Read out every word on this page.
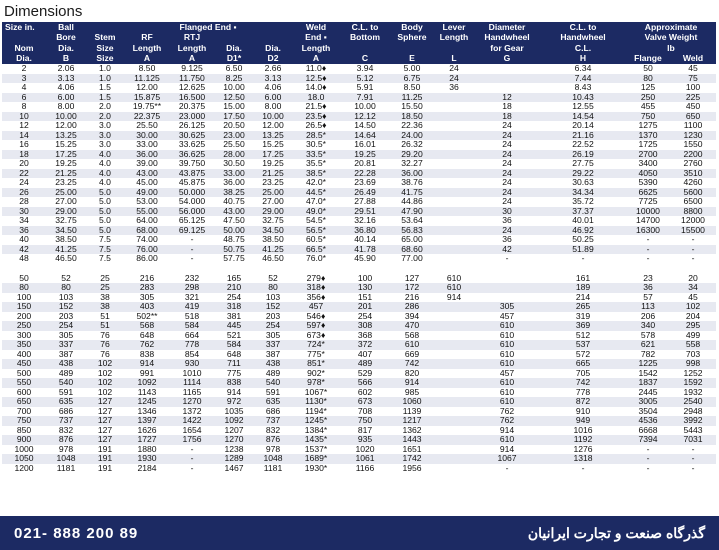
Dimensions
Size in.	Ball		Flanged End ▪				Weld	C.L. to	Body	Lever	Diameter	C.L. to	Approximate	
	Bore	Stem	RF	RTJ			End ▪	Bottom	Sphere	Length	Handwheel	Handwheel	Valve Weight	
Nom	Dia.	Size	Length	Length	Dia.	Dia.	Length				for Gear	C.L.	lb	
Dia.	B	Size	A	A	D1*	D2	A	C	E	L	G	H	Flange	Weld
2	2.06	1.0	8.50	9.125	6.50	2.66	11.0♦	3.94	5.00	24		6.34	50	45
3	3.13	1.0	11.125	11.750	8.25	3.13	12.5♦	5.12	6.75	24		7.44	80	75
4	4.06	1.5	12.00	12.625	10.00	4.06	14.0♦	5.91	8.50	36		8.43	125	100
6	6.00	1.5	15.875	16.500	12.50	6.00	18.0	7.91	11.25		12	10.43	250	225
8	8.00	2.0	19.75**	20.375	15.00	8.00	21.5♦	10.00	15.50		18	12.55	455	450
10	10.00	2.0	22.375	23.000	17.50	10.00	23.5♦	12.12	18.50		18	14.54	750	650
12	12.00	3.0	25.50	26.125	20.50	12.00	26.5♦	14.50	22.36		24	20.14	1275	1100
14	13.25	3.0	30.00	30.625	23.00	13.25	28.5*	14.64	24.00		24	21.16	1370	1230
16	15.25	3.0	33.00	33.625	25.50	15.25	30.5*	16.01	26.32		24	22.52	1725	1550
18	17.25	4.0	36.00	36.625	28.00	17.25	33.5*	19.25	29.20		24	26.19	2700	2200
20	19.25	4.0	39.00	39.750	30.50	19.25	35.5*	20.81	32.27		24	27.75	3400	2760
22	21.25	4.0	43.00	43.875	33.00	21.25	38.5*	22.28	36.00		24	29.22	4050	3510
24	23.25	4.0	45.00	45.875	36.00	23.25	42.0*	23.69	38.76		24	30.63	5390	4260
26	25.00	5.0	49.00	50.000	38.25	25.00	44.5*	26.49	41.75		24	34.34	6625	5600
28	27.00	5.0	53.00	54.000	40.75	27.00	47.0*	27.88	44.86		24	35.72	7725	6500
30	29.00	5.0	55.00	56.000	43.00	29.00	49.0*	29.51	47.90		30	37.37	10000	8800
34	32.75	5.0	64.00	65.125	47.50	32.75	54.5*	32.16	53.64		36	40.01	14700	12000
36	34.50	5.0	68.00	69.125	50.00	34.50	56.5*	36.80	56.83		24	46.92	16300	15500
40	38.50	7.5	74.00	-	48.75	38.50	60.5*	40.14	65.00		36	50.25	-	-
42	41.25	7.5	76.00	-	50.75	41.25	66.5*	41.78	68.60		42	51.89	-	-
48	46.50	7.5	86.00	-	57.75	46.50	76.0*	45.90	77.00		-	-	-	-
Size mm														kg
50	52	25	216	232	165	52	279♦	100	127	610		161	23	20
80	80	25	283	298	210	80	318♦	130	172	610		189	36	34
100	103	38	305	321	254	103	356♦	151	216	914		214	57	45
150	152	38	403	419	318	152	457	201	286		305	265	113	102
200	203	51	502**	518	381	203	546♦	254	394		457	319	206	204
250	254	51	568	584	445	254	597♦	308	470		610	369	340	295
300	305	76	648	664	521	305	673♦	368	568		610	512	578	499
350	337	76	762	778	584	337	724*	372	610		610	537	621	558
400	387	76	838	854	648	387	775*	407	669		610	572	782	703
450	438	102	914	930	711	438	851*	489	742		610	665	1225	998
500	489	102	991	1010	775	489	902*	529	820		457	705	1542	1252
550	540	102	1092	1114	838	540	978*	566	914		610	742	1837	1592
600	591	102	1143	1165	914	591	1067*	602	985		610	778	2445	1932
650	635	127	1245	1270	972	635	1130*	673	1060		610	872	3005	2540
700	686	127	1346	1372	1035	686	1194*	708	1139		762	910	3504	2948
750	737	127	1397	1422	1092	737	1245*	750	1217		762	949	4536	3992
850	832	127	1626	1654	1207	832	1384*	817	1362		914	1016	6668	5443
900	876	127	1727	1756	1270	876	1435*	935	1443		610	1192	7394	7031
1000	978	191	1880	-	1238	978	1537*	1020	1651		914	1276	-	-
1050	1048	191	1930	-	1289	1048	1689*	1061	1742		1067	1318	-	-
1200	1181	191	2184	-	1467	1181	1930*	1166	1956		-	-	-	-
021- 888 200 89	گذرگاه صنعت و تجارت ایرانیان
